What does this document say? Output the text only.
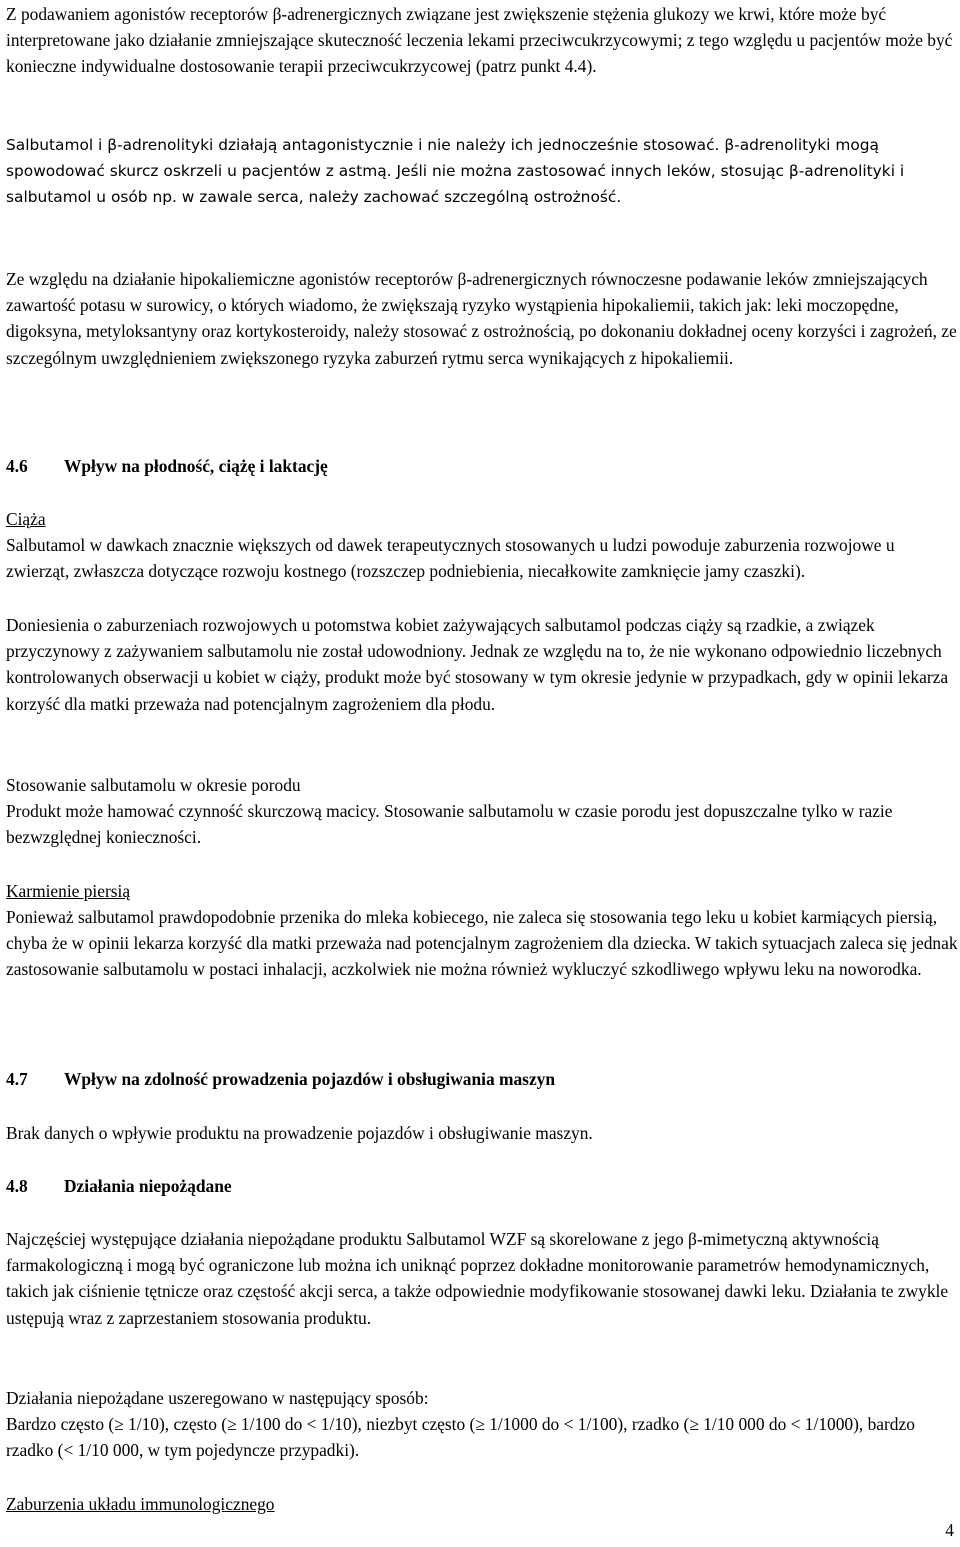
Z podawaniem agonistów receptorów β-adrenergicznych związane jest zwiększenie stężenia glukozy we krwi, które może być interpretowane jako działanie zmniejszające skuteczność leczenia lekami przeciwcukrzycowymi; z tego względu u pacjentów może być konieczne indywidualne dostosowanie terapii przeciwcukrzycowej (patrz punkt 4.4).

Salbutamol i β-adrenolityki działają antagonistycznie i nie należy ich jednocześnie stosować. β-adrenolityki mogą spowodować skurcz oskrzeli u pacjentów z astmą. Jeśli nie można zastosować innych leków, stosując β-adrenolityki i salbutamol u osób np. w zawale serca, należy zachować szczególną ostrożność.

Ze względu na działanie hipokaliemiczne agonistów receptorów β-adrenergicznych równoczesne podawanie leków zmniejszających zawartość potasu w surowicy, o których wiadomo, że zwiększają ryzyko wystąpienia hipokaliemii, takich jak: leki moczopędne, digoksyna, metyloksantyny oraz kortykosteroidy, należy stosować z ostrożnością, po dokonaniu dokładnej oceny korzyści i zagrożeń, ze szczególnym uwzględnieniem zwiększonego ryzyka zaburzeń rytmu serca wynikających z hipokaliemii.

4.6 Wpływ na płodność, ciążę i laktację

Ciąża

Salbutamol w dawkach znacznie większych od dawek terapeutycznych stosowanych u ludzi powoduje zaburzenia rozwojowe u zwierząt, zwłaszcza dotyczące rozwoju kostnego (rozszczep podniebienia, niecałkowite zamknięcie jamy czaszki).

Doniesienia o zaburzeniach rozwojowych u potomstwa kobiet zażywających salbutamol podczas ciąży są rzadkie, a związek przyczynowy z zażywaniem salbutamolu nie został udowodniony. Jednak ze względu na to, że nie wykonano odpowiednio liczebnych kontrolowanych obserwacji u kobiet w ciąży, produkt może być stosowany w tym okresie jedynie w przypadkach, gdy w opinii lekarza korzyść dla matki przeważa nad potencjalnym zagrożeniem dla płodu.

Stosowanie salbutamolu w okresie porodu

Produkt może hamować czynność skurczową macicy. Stosowanie salbutamolu w czasie porodu jest dopuszczalne tylko w razie bezwzględnej konieczności.

Karmienie piersią

Ponieważ salbutamol prawdopodobnie przenika do mleka kobiecego, nie zaleca się stosowania tego leku u kobiet karmiących piersią, chyba że w opinii lekarza korzyść dla matki przeważa nad potencjalnym zagrożeniem dla dziecka. W takich sytuacjach zaleca się jednak zastosowanie salbutamolu w postaci inhalacji, aczkolwiek nie można również wykluczyć szkodliwego wpływu leku na noworodka.

4.7 Wpływ na zdolność prowadzenia pojazdów i obsługiwania maszyn

Brak danych o wpływie produktu na prowadzenie pojazdów i obsługiwanie maszyn.

4.8 Działania niepożądane

Najczęściej występujące działania niepożądane produktu Salbutamol WZF są skorelowane z jego β-mimetyczną aktywnością farmakologiczną i mogą być ograniczone lub można ich uniknąć poprzez dokładne monitorowanie parametrów hemodynamicznych, takich jak ciśnienie tętnicze oraz częstość akcji serca, a także odpowiednie modyfikowanie stosowanej dawki leku. Działania te zwykle ustępują wraz z zaprzestaniem stosowania produktu.

Działania niepożądane uszeregowano w następujący sposób:

Bardzo często (≥ 1/10), często (≥ 1/100 do < 1/10), niezbyt często (≥ 1/1000 do < 1/100), rzadko (≥ 1/10 000 do < 1/1000), bardzo rzadko (< 1/10 000, w tym pojedyncze przypadki).

Zaburzenia układu immunologicznego

4
